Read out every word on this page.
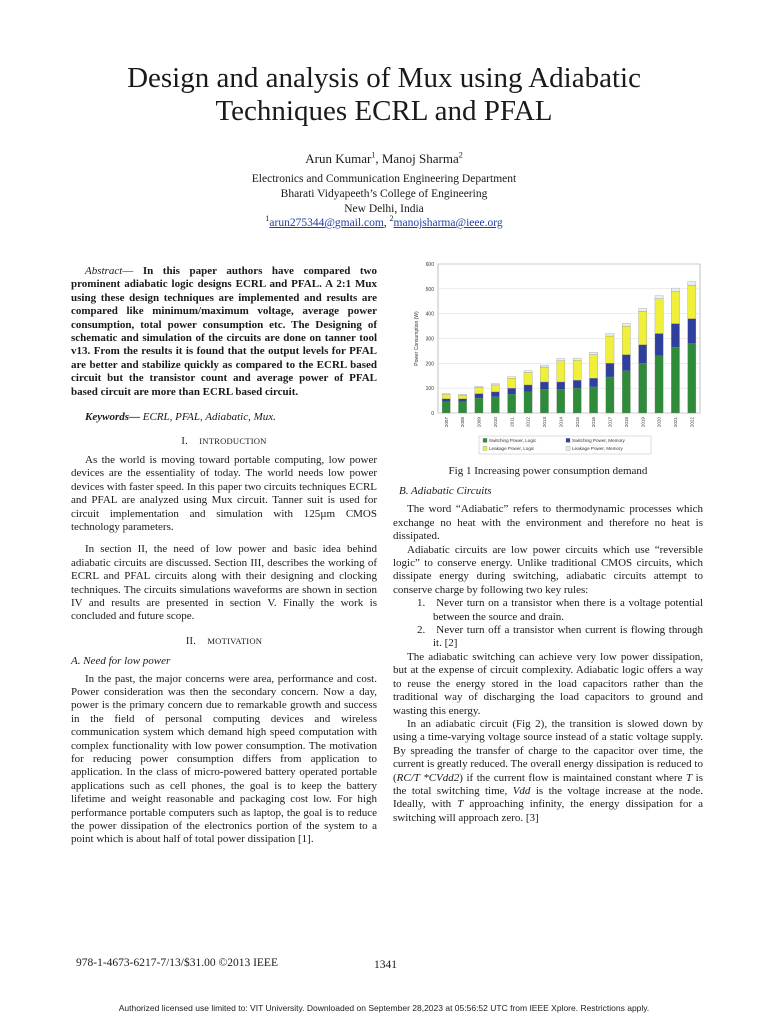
Design and analysis of Mux using Adiabatic
Techniques ECRL and PFAL
Arun Kumar$^1$, Manoj Sharma$^2$
Electronics and Communication Engineering Department
Bharati Vidyapeeth’s College of Engineering
New Delhi, India
$^1$arun275344@gmail.com, $^2$manojsharma@ieee.org

Abstract— In this paper authors have compared two prominent adiabatic logic designs ECRL and PFAL. A 2:1 Mux using these design techniques are implemented and results are compared like minimum/maximum voltage, average power consumption, total power consumption etc. The Designing of schematic and simulation of the circuits are done on tanner tool v13. From the results it is found that the output levels for PFAL are better and stabilize quickly as compared to the ECRL based circuit but the transistor count and average power of PFAL based circuit are more than ECRL based circuit.

Keywords— ECRL, PFAL, Adiabatic, Mux.

I. INTRODUCTION

As the world is moving toward portable computing, low power devices are the essentiality of today. The world needs low power devices with faster speed. In this paper two circuits techniques ECRL and PFAL are analyzed using Mux circuit. Tanner suit is used for circuit implementation and simulation with 125µm CMOS technology parameters.

In section II, the need of low power and basic idea behind adiabatic circuits are discussed. Section III, describes the working of ECRL and PFAL circuits along with their designing and clocking techniques. The circuits simulations waveforms are shown in section IV and results are presented in section V. Finally the work is concluded and future scope.

II. MOTIVATION
A. Need for low power

In the past, the major concerns were area, performance and cost. Power consideration was then the secondary concern. Now a day, power is the primary concern due to remarkable growth and success in the field of personal computing devices and wireless communication system which demand high speed computation with complex functionality with low power consumption. The motivation for reducing power consumption differs from application to application. In the class of micro-powered battery operated portable applications such as cell phones, the goal is to keep the battery lifetime and weight reasonable and packaging cost low. For high performance portable computers such as laptop, the goal is to reduce the power dissipation of the electronics portion of the system to a point which is about half of total power dissipation [1].

0
100
200
300
400
500
600
Power Consumption (W)
2007 2008 2009 2010 2011 2012 2013 2014 2015 2016 2017 2018 2019 2020 2021 2022
Switching Power, Logic	Switching Power, Memory
Leakage Power, Logic	Leakage Power, Memory
Fig 1 Increasing power consumption demand
B. Adiabatic Circuits

The word “Adiabatic” refers to thermodynamic processes which exchange no heat with the environment and therefore no heat is dissipated.

Adiabatic circuits are low power circuits which use “reversible logic” to conserve energy. Unlike traditional CMOS circuits, which dissipate energy during switching, adiabatic circuits attempt to conserve charge by following two key rules:

1. Never turn on a transistor when there is a voltage potential between the source and drain.

2. Never turn off a transistor when current is flowing through it. [2]

The adiabatic switching can achieve very low power dissipation, but at the expense of circuit complexity. Adiabatic logic offers a way to reuse the energy stored in the load capacitors rather than the traditional way of discharging the load capacitors to ground and wasting this energy.

In an adiabatic circuit (Fig 2), the transition is slowed down by using a time-varying voltage source instead of a static voltage supply. By spreading the transfer of charge to the capacitor over time, the current is greatly reduced. The overall energy dissipation is reduced to (RC/T *CVdd2) if the current flow is maintained constant where T is the total switching time, Vdd is the voltage increase at the node. Ideally, with T approaching infinity, the energy dissipation for a switching will approach zero. [3]

978-1-4673-6217-7/13/$31.00 ©2013 IEEE	1341
Authorized licensed use limited to: VIT University. Downloaded on September 28,2023 at 05:56:52 UTC from IEEE Xplore. Restrictions apply.
